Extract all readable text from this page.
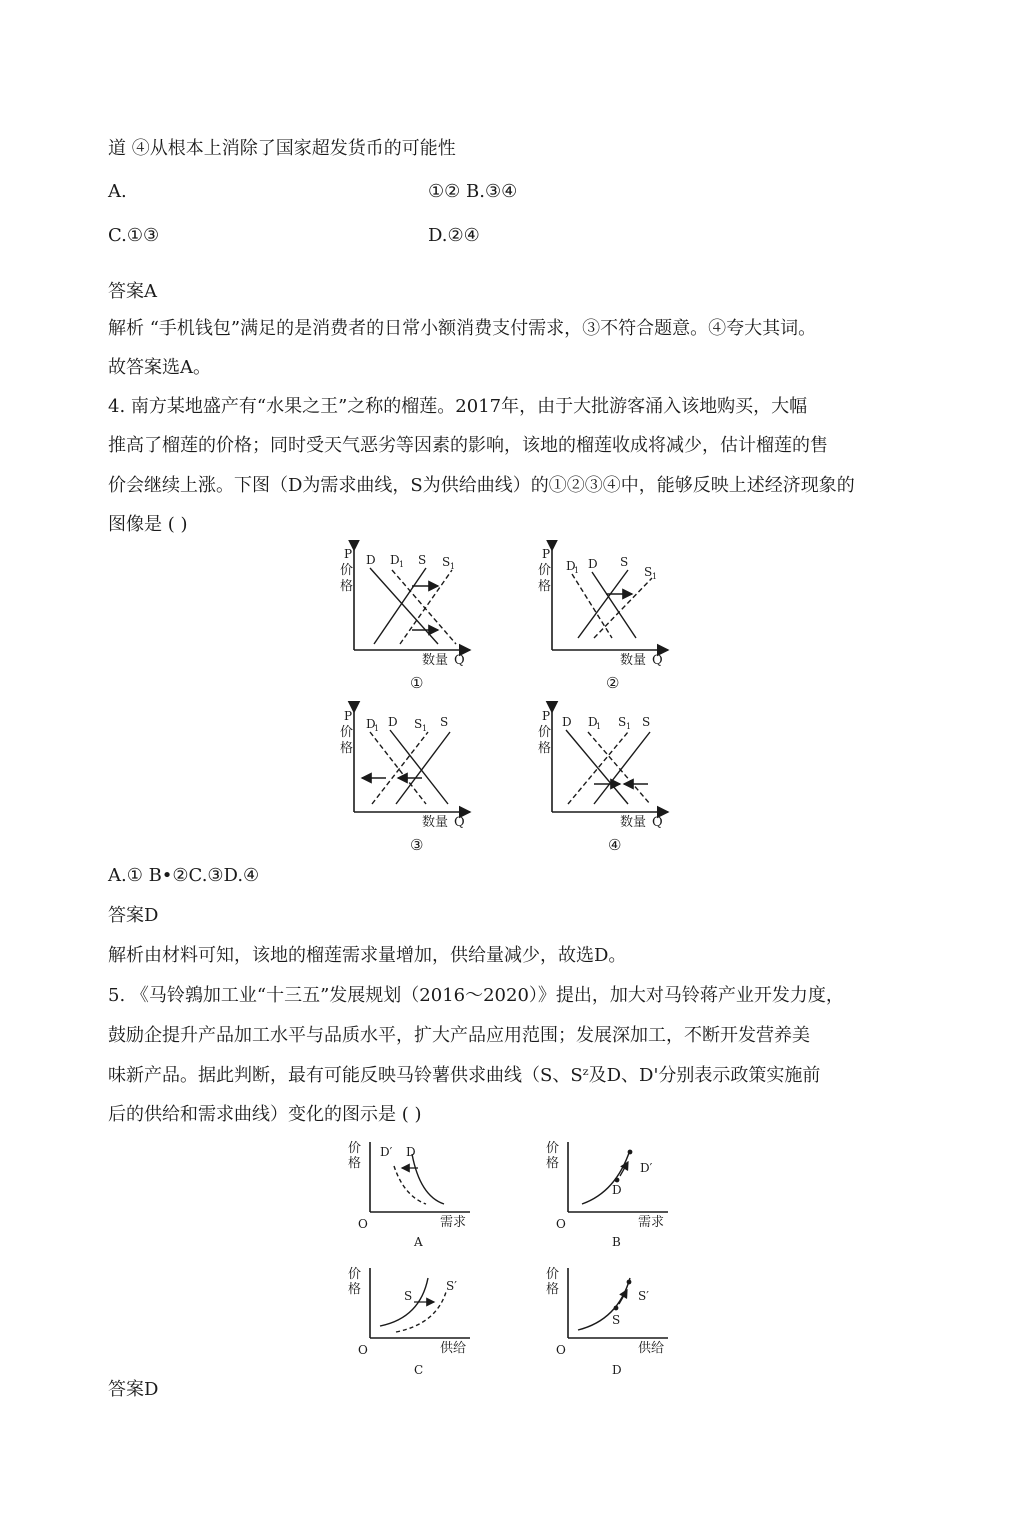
道 ④从根本上消除了国家超发货币的可能性
A.	①② B.③④
C.①③	D.②④
答案A
解析 “手机钱包”满足的是消费者的日常小额消费支付需求，③不符合题意。④夸大其词。
故答案选A。
4. 南方某地盛产有“水果之王”之称的榴莲。2017年，由于大批游客涌入该地购买，大幅
推高了榴莲的价格；同时受天气恶劣等因素的影响，该地的榴莲收成将减少，估计榴莲的售
价会继续上涨。下图（D为需求曲线，S为供给曲线）的①②③④中，能够反映上述经济现象的
图像是 ( )
P
价
格
数量 Q
D D 1 S S 1
①
P
价
格
数量 Q
D
1 D S
S 1
②
P
价
格
数量 Q
D
1 D S 1 S
③
P
价
格
数量 Q
D D
1 S 1 S
④
A.① B•②C.③D.④
答案D
解析由材料可知，该地的榴莲需求量增加，供给量减少，故选D。
5. 《马铃鶉加工业“十三五”发展规划（2016～2020）》提出，加大对马铃蒋产业开发力度，
鼓励企提升产品加工水平与品质水平，扩大产品应用范围；发展深加工，不断开发营养美
味新产品。据此判断，最有可能反映马铃薯供求曲线（S、Sᶻ及D、D'分别表示政策实施前
后的供给和需求曲线）变化的图示是 ( )
价
格
O	需求
D′ D
A
价
格
O	需求
D′
D
B
价
格
O	供给
S
S′
C
价
格
O	供给
S′
S
D
答案D
